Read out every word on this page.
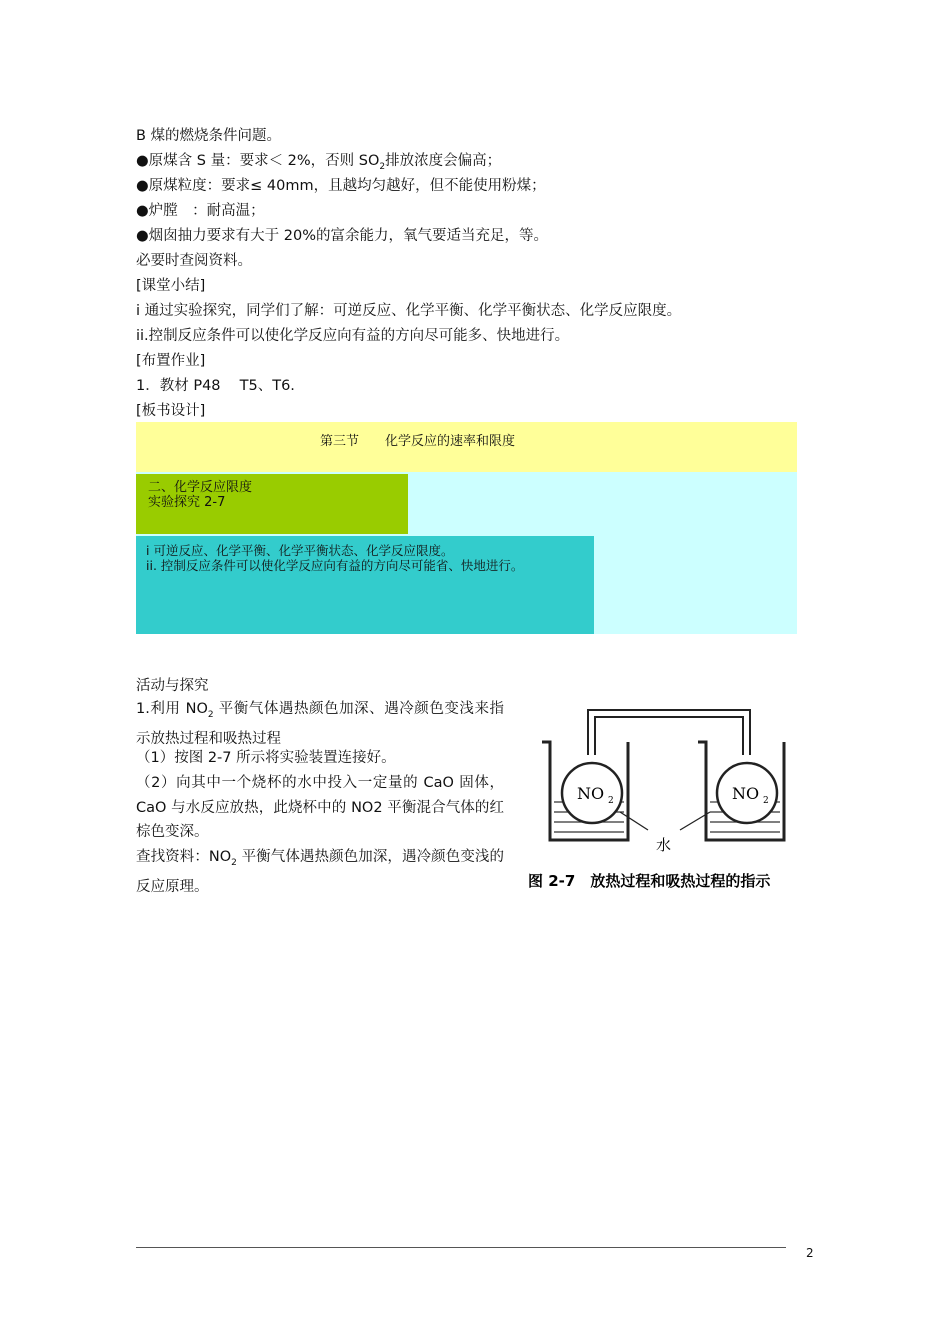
B 煤的燃烧条件问题。
●原煤含 S 量：要求＜ 2%，否则 $SO_2$排放浓度会偏高；
●原煤粒度：要求≤ 40mm，且越均匀越好，但不能使用粉煤；
●炉膛　：耐高温；
●烟囱抽力要求有大于 20%的富余能力，氧气要适当充足，等。
必要时查阅资料。
[课堂小结]
i 通过实验探究，同学们了解：可逆反应、化学平衡、化学平衡状态、化学反应限度。
ii.控制反应条件可以使化学反应向有益的方向尽可能多、快地进行。
[布置作业]
1．教材 P48　 T5、T6.
[板书设计]
第三节　　化学反应的速率和限度
二、化学反应限度
实验探究 2-7
i 可逆反应、化学平衡、化学平衡状态、化学反应限度。
ii. 控制反应条件可以使化学反应向有益的方向尽可能省、快地进行。
活动与探究
1.利用 $NO_2$ 平衡气体遇热颜色加深、遇冷颜色变浅来指示放热过程和吸热过程
（1）按图 2-7 所示将实验装置连接好。
（2）向其中一个烧杯的水中投入一定量的 CaO 固体，CaO 与水反应放热，此烧杯中的 NO2 平衡混合气体的红棕色变深。
查找资料：$NO_2$ 平衡气体遇热颜色加深，遇冷颜色变浅的反应原理。
NO 2	NO 2
水
图 2-7　放热过程和吸热过程的指示
2
